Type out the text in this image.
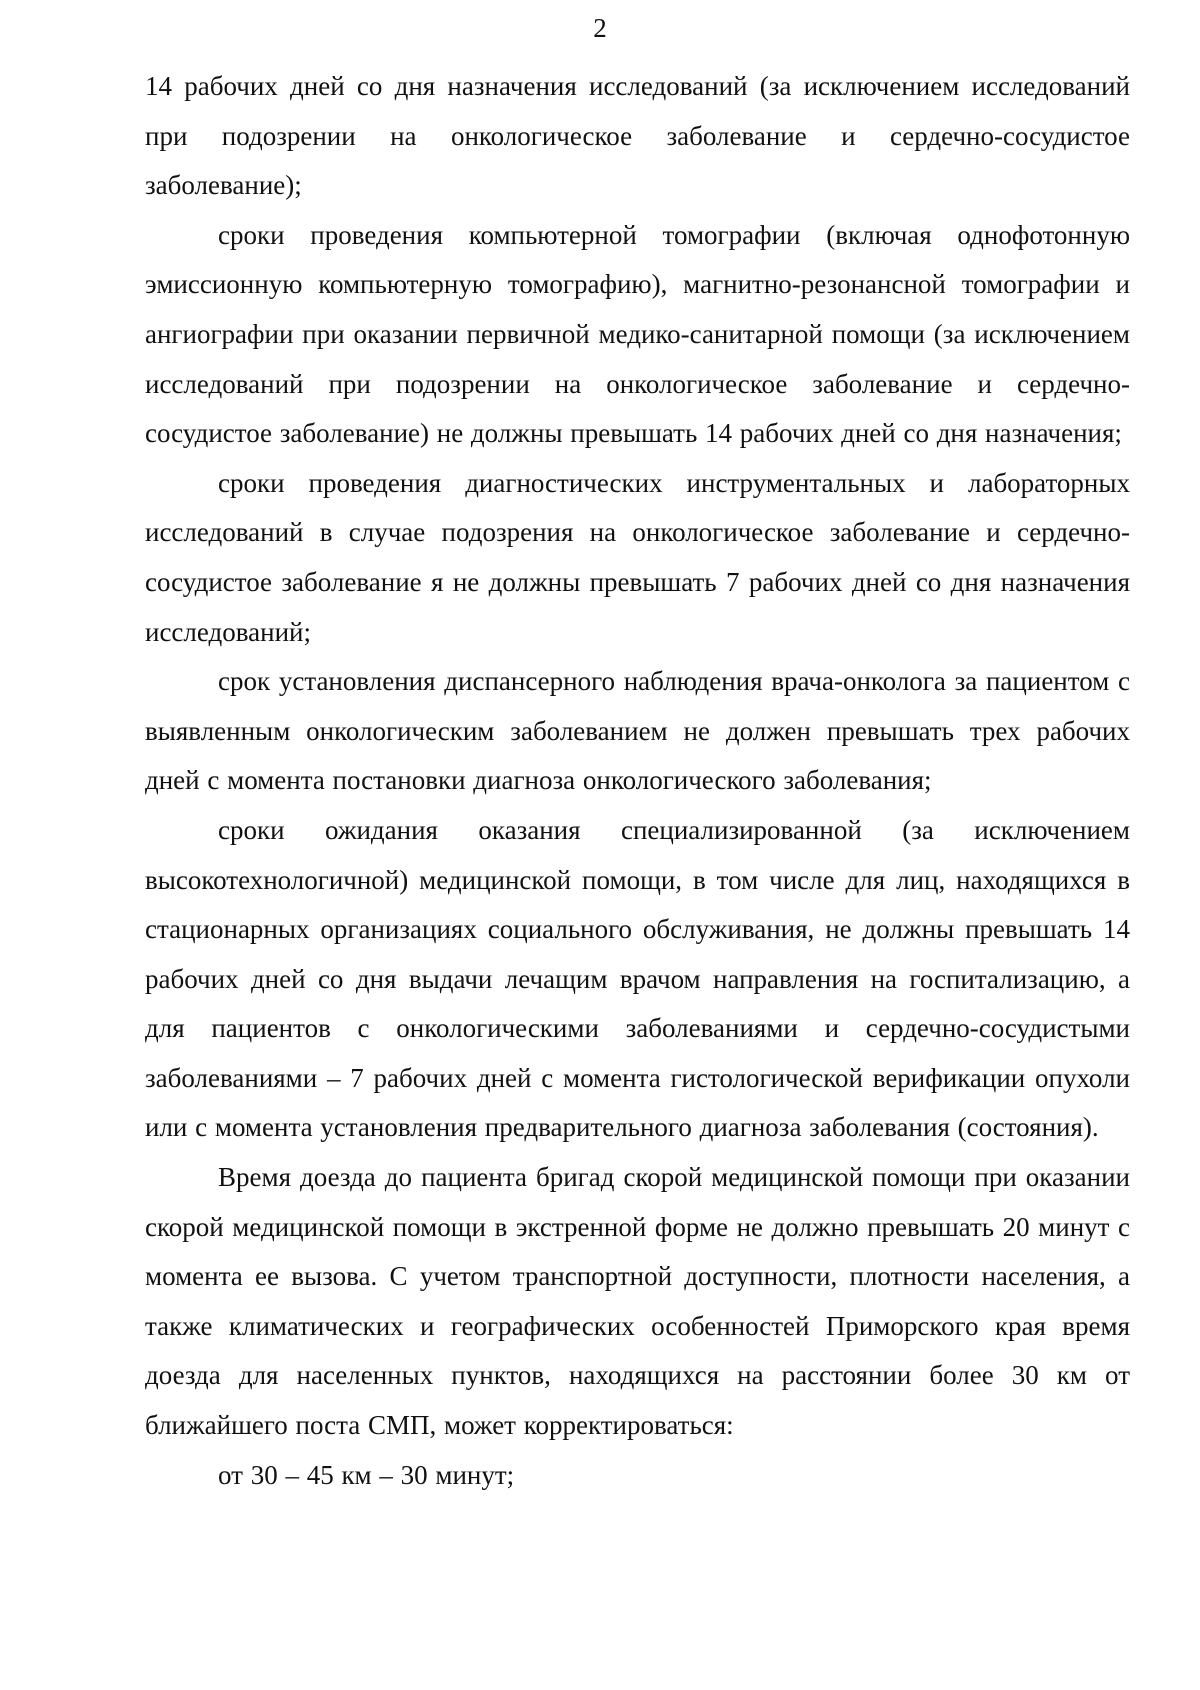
2

14 рабочих дней со дня назначения исследований (за исключением исследований при подозрении на онкологическое заболевание и сердечно-сосудистое заболевание);

сроки проведения компьютерной томографии (включая однофотонную эмиссионную компьютерную томографию), магнитно-резонансной томографии и ангиографии при оказании первичной медико-санитарной помощи (за исключением исследований при подозрении на онкологическое заболевание и сердечно-сосудистое заболевание) не должны превышать 14 рабочих дней со дня назначения;

сроки проведения диагностических инструментальных и лабораторных исследований в случае подозрения на онкологическое заболевание и сердечно-сосудистое заболевание я не должны превышать 7 рабочих дней со дня назначения исследований;

срок установления диспансерного наблюдения врача-онколога за пациентом с выявленным онкологическим заболеванием не должен превышать трех рабочих дней с момента постановки диагноза онкологического заболевания;

сроки ожидания оказания специализированной (за исключением высокотехнологичной) медицинской помощи, в том числе для лиц, находящихся в стационарных организациях социального обслуживания, не должны превышать 14 рабочих дней со дня выдачи лечащим врачом направления на госпитализацию, а для пациентов с онкологическими заболеваниями и сердечно-сосудистыми заболеваниями – 7 рабочих дней с момента гистологической верификации опухоли или с момента установления предварительного диагноза заболевания (состояния).

Время доезда до пациента бригад скорой медицинской помощи при оказании скорой медицинской помощи в экстренной форме не должно превышать 20 минут с момента ее вызова. С учетом транспортной доступности, плотности населения, а также климатических и географических особенностей Приморского края время доезда для населенных пунктов, находящихся на расстоянии более 30 км от ближайшего поста СМП, может корректироваться:

от 30 – 45 км – 30 минут;
